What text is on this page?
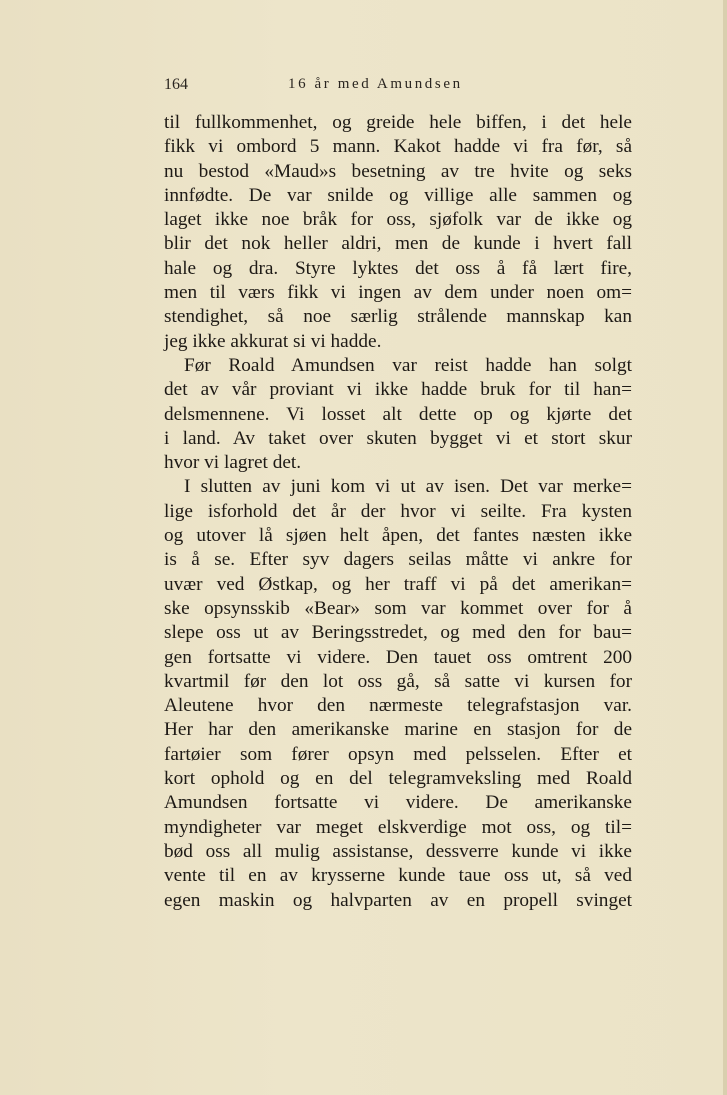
164	16 år med Amundsen
til fullkommenhet, og greide hele biffen, i det hele
fikk vi ombord 5 mann. Kakot hadde vi fra før, så
nu bestod «Maud»s besetning av tre hvite og seks
innfødte. De var snilde og villige alle sammen og
laget ikke noe bråk for oss, sjøfolk var de ikke og
blir det nok heller aldri, men de kunde i hvert fall
hale og dra. Styre lyktes det oss å få lært fire,
men til værs fikk vi ingen av dem under noen om=
stendighet, så noe særlig strålende mannskap kan
jeg ikke akkurat si vi hadde.
Før Roald Amundsen var reist hadde han solgt
det av vår proviant vi ikke hadde bruk for til han=
delsmennene. Vi losset alt dette op og kjørte det
i land. Av taket over skuten bygget vi et stort skur
hvor vi lagret det.
I slutten av juni kom vi ut av isen. Det var merke=
lige isforhold det år der hvor vi seilte. Fra kysten
og utover lå sjøen helt åpen, det fantes næsten ikke
is å se. Efter syv dagers seilas måtte vi ankre for
uvær ved Østkap, og her traff vi på det amerikan=
ske opsynsskib «Bear» som var kommet over for å
slepe oss ut av Beringsstredet, og med den for bau=
gen fortsatte vi videre. Den tauet oss omtrent 200
kvartmil før den lot oss gå, så satte vi kursen for
Aleutene hvor den nærmeste telegrafstasjon var.
Her har den amerikanske marine en stasjon for de
fartøier som fører opsyn med pelsselen. Efter et
kort ophold og en del telegramveksling med Roald
Amundsen fortsatte vi videre. De amerikanske
myndigheter var meget elskverdige mot oss, og til=
bød oss all mulig assistanse, dessverre kunde vi ikke
vente til en av krysserne kunde taue oss ut, så ved
egen maskin og halvparten av en propell svinget
